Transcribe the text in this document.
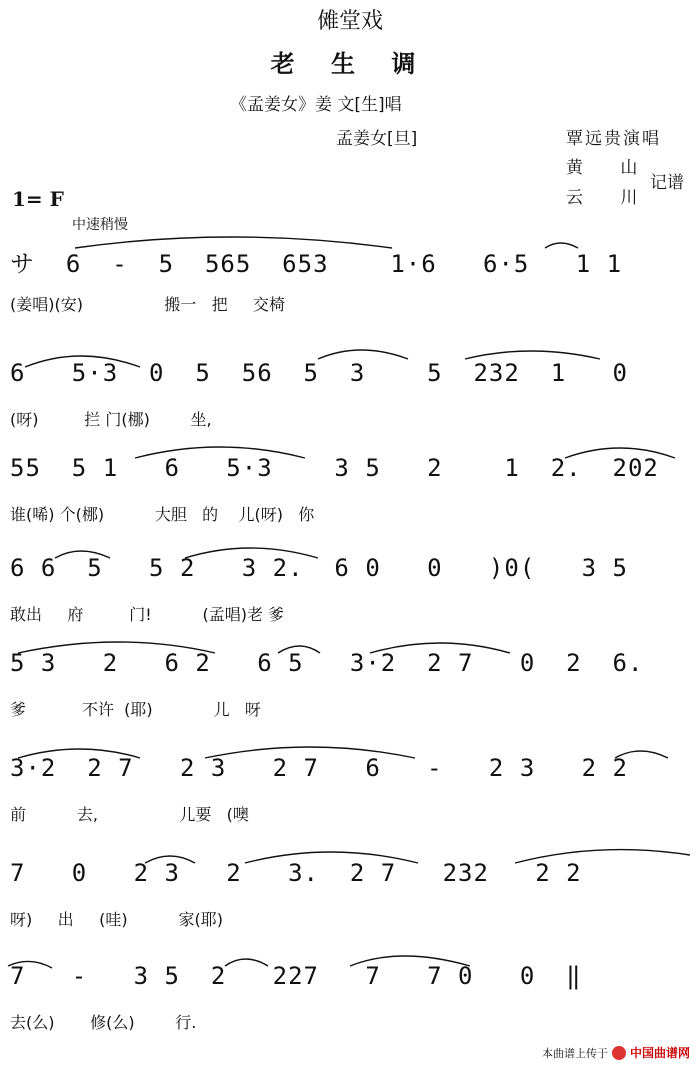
傩堂戏
老 生 调
《孟姜女》姜 文[生]唱
孟姜女[旦]	覃远贵演唱
黄 山
云 川
记谱
1= F
中速稍慢
サ  6  -  5  565  653    1·6   6·5   1 1
(姜唱)(安)                搬一   把     交椅
6   5·3  0  5  56  5  3    5  232  1   0
(呀)         拦 门(梛)        坐,
55  5 1   6   5·3    3 5   2    1  2.  202
谁(唏) 个(梛)          大胆   的    儿(呀)   你
6 6  5   5 2   3 2.  6 0   0   )0(   3 5
敢出     府         门!          (孟唱)老 爹
5 3   2   6 2   6 5   3·2  2 7   0  2  6.
爹           不许  (耶)            儿   呀
3·2  2 7   2 3   2 7   6   -   2 3   2 2
前          去,                儿要   (噢
7   0   2 3   2   3.  2 7   232   2 2
呀)     出     (哇)          家(耶)
7   -   3 5  2   227   7   7 0   0  ‖
去(么)       修(么)        行.
本曲谱上传于 中国曲谱网
